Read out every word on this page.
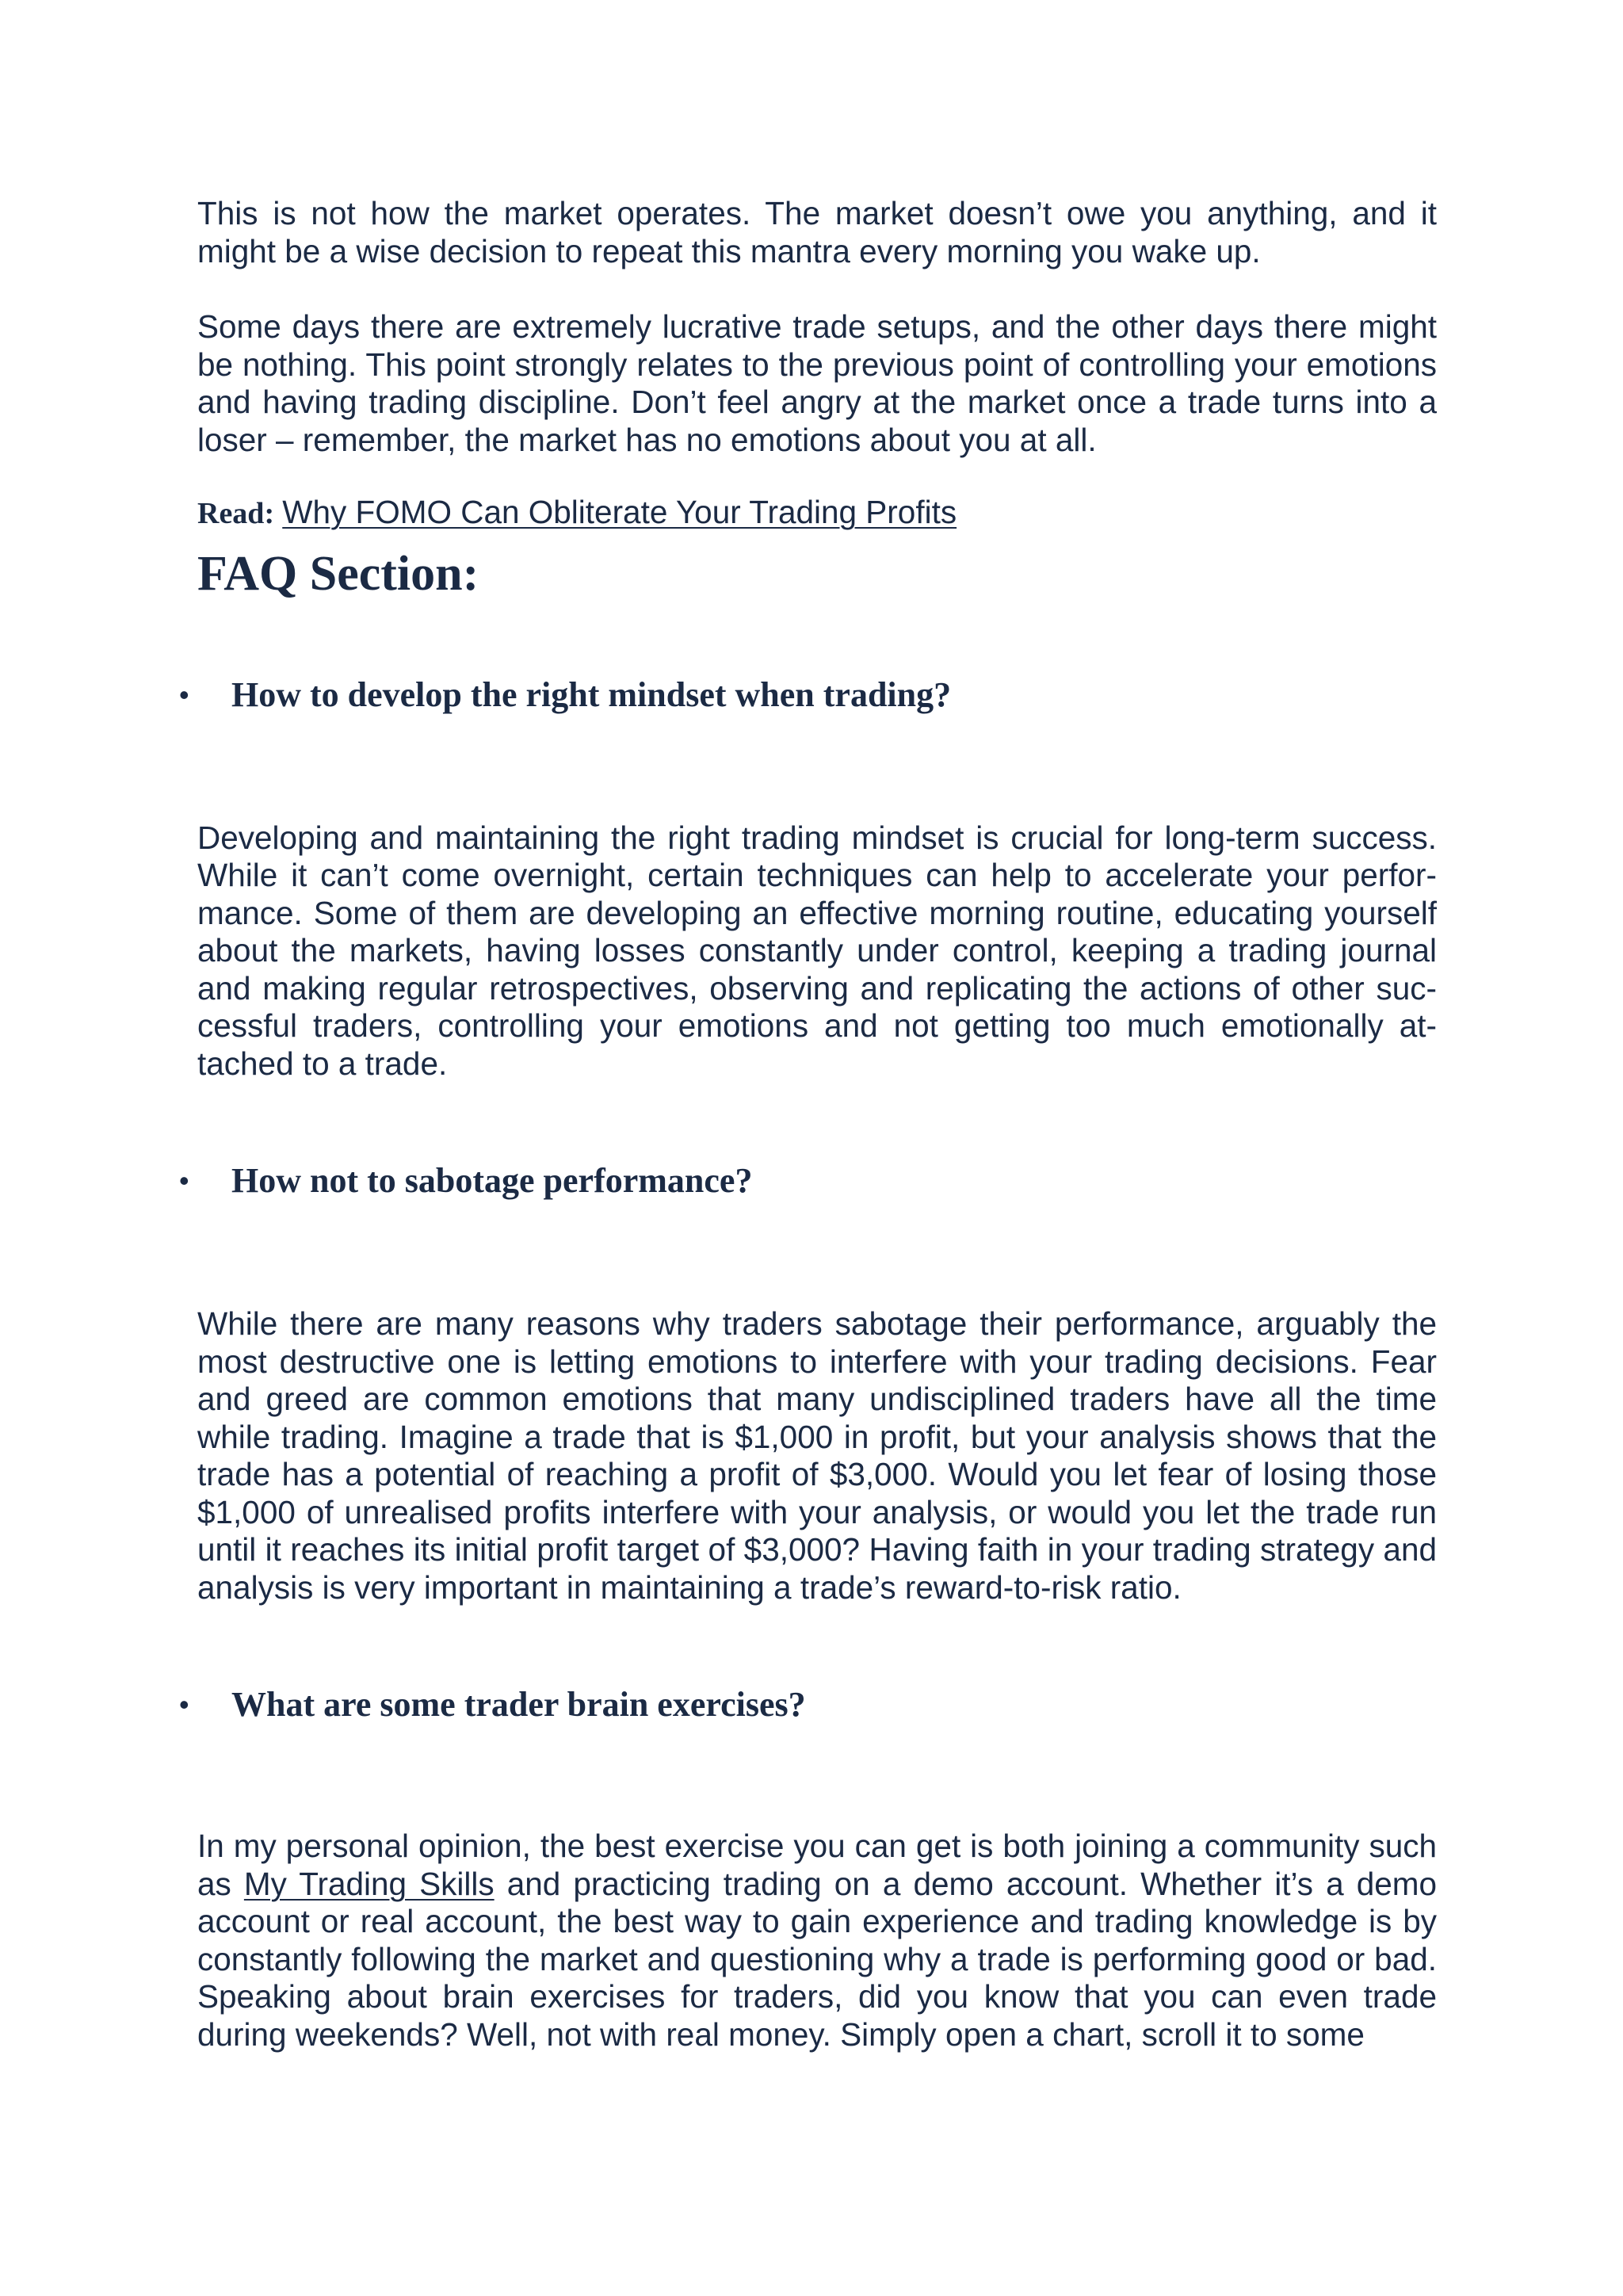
This is not how the market operates. The market doesn’t owe you anything, and it might be a wise decision to repeat this mantra every morning you wake up.

Some days there are extremely lucrative trade setups, and the other days there might be nothing. This point strongly relates to the previous point of controlling your emotions and having trading discipline. Don’t feel angry at the market once a trade turns into a loser – remember, the market has no emotions about you at all.

Read: Why FOMO Can Obliterate Your Trading Profits

FAQ Section:
• How to develop the right mindset when trading?

Developing and maintaining the right trading mindset is crucial for long-term success. While it can’t come overnight, certain techniques can help to accelerate your performance. Some of them are developing an effective morning routine, educating yourself about the markets, having losses constantly under control, keeping a trading journal and making regular retrospectives, observing and replicating the actions of other successful traders, controlling your emotions and not getting too much emotionally attached to a trade.

• How not to sabotage performance?

While there are many reasons why traders sabotage their performance, arguably the most destructive one is letting emotions to interfere with your trading decisions. Fear and greed are common emotions that many undisciplined traders have all the time while trading. Imagine a trade that is $1,000 in profit, but your analysis shows that the trade has a potential of reaching a profit of $3,000. Would you let fear of losing those $1,000 of unrealised profits interfere with your analysis, or would you let the trade run until it reaches its initial profit target of $3,000? Having faith in your trading strategy and analysis is very important in maintaining a trade’s reward-to-risk ratio.

• What are some trader brain exercises?

In my personal opinion, the best exercise you can get is both joining a community such as My Trading Skills and practicing trading on a demo account. Whether it’s a demo account or real account, the best way to gain experience and trading knowledge is by constantly following the market and questioning why a trade is performing good or bad. Speaking about brain exercises for traders, did you know that you can even trade during weekends? Well, not with real money. Simply open a chart, scroll it to some
